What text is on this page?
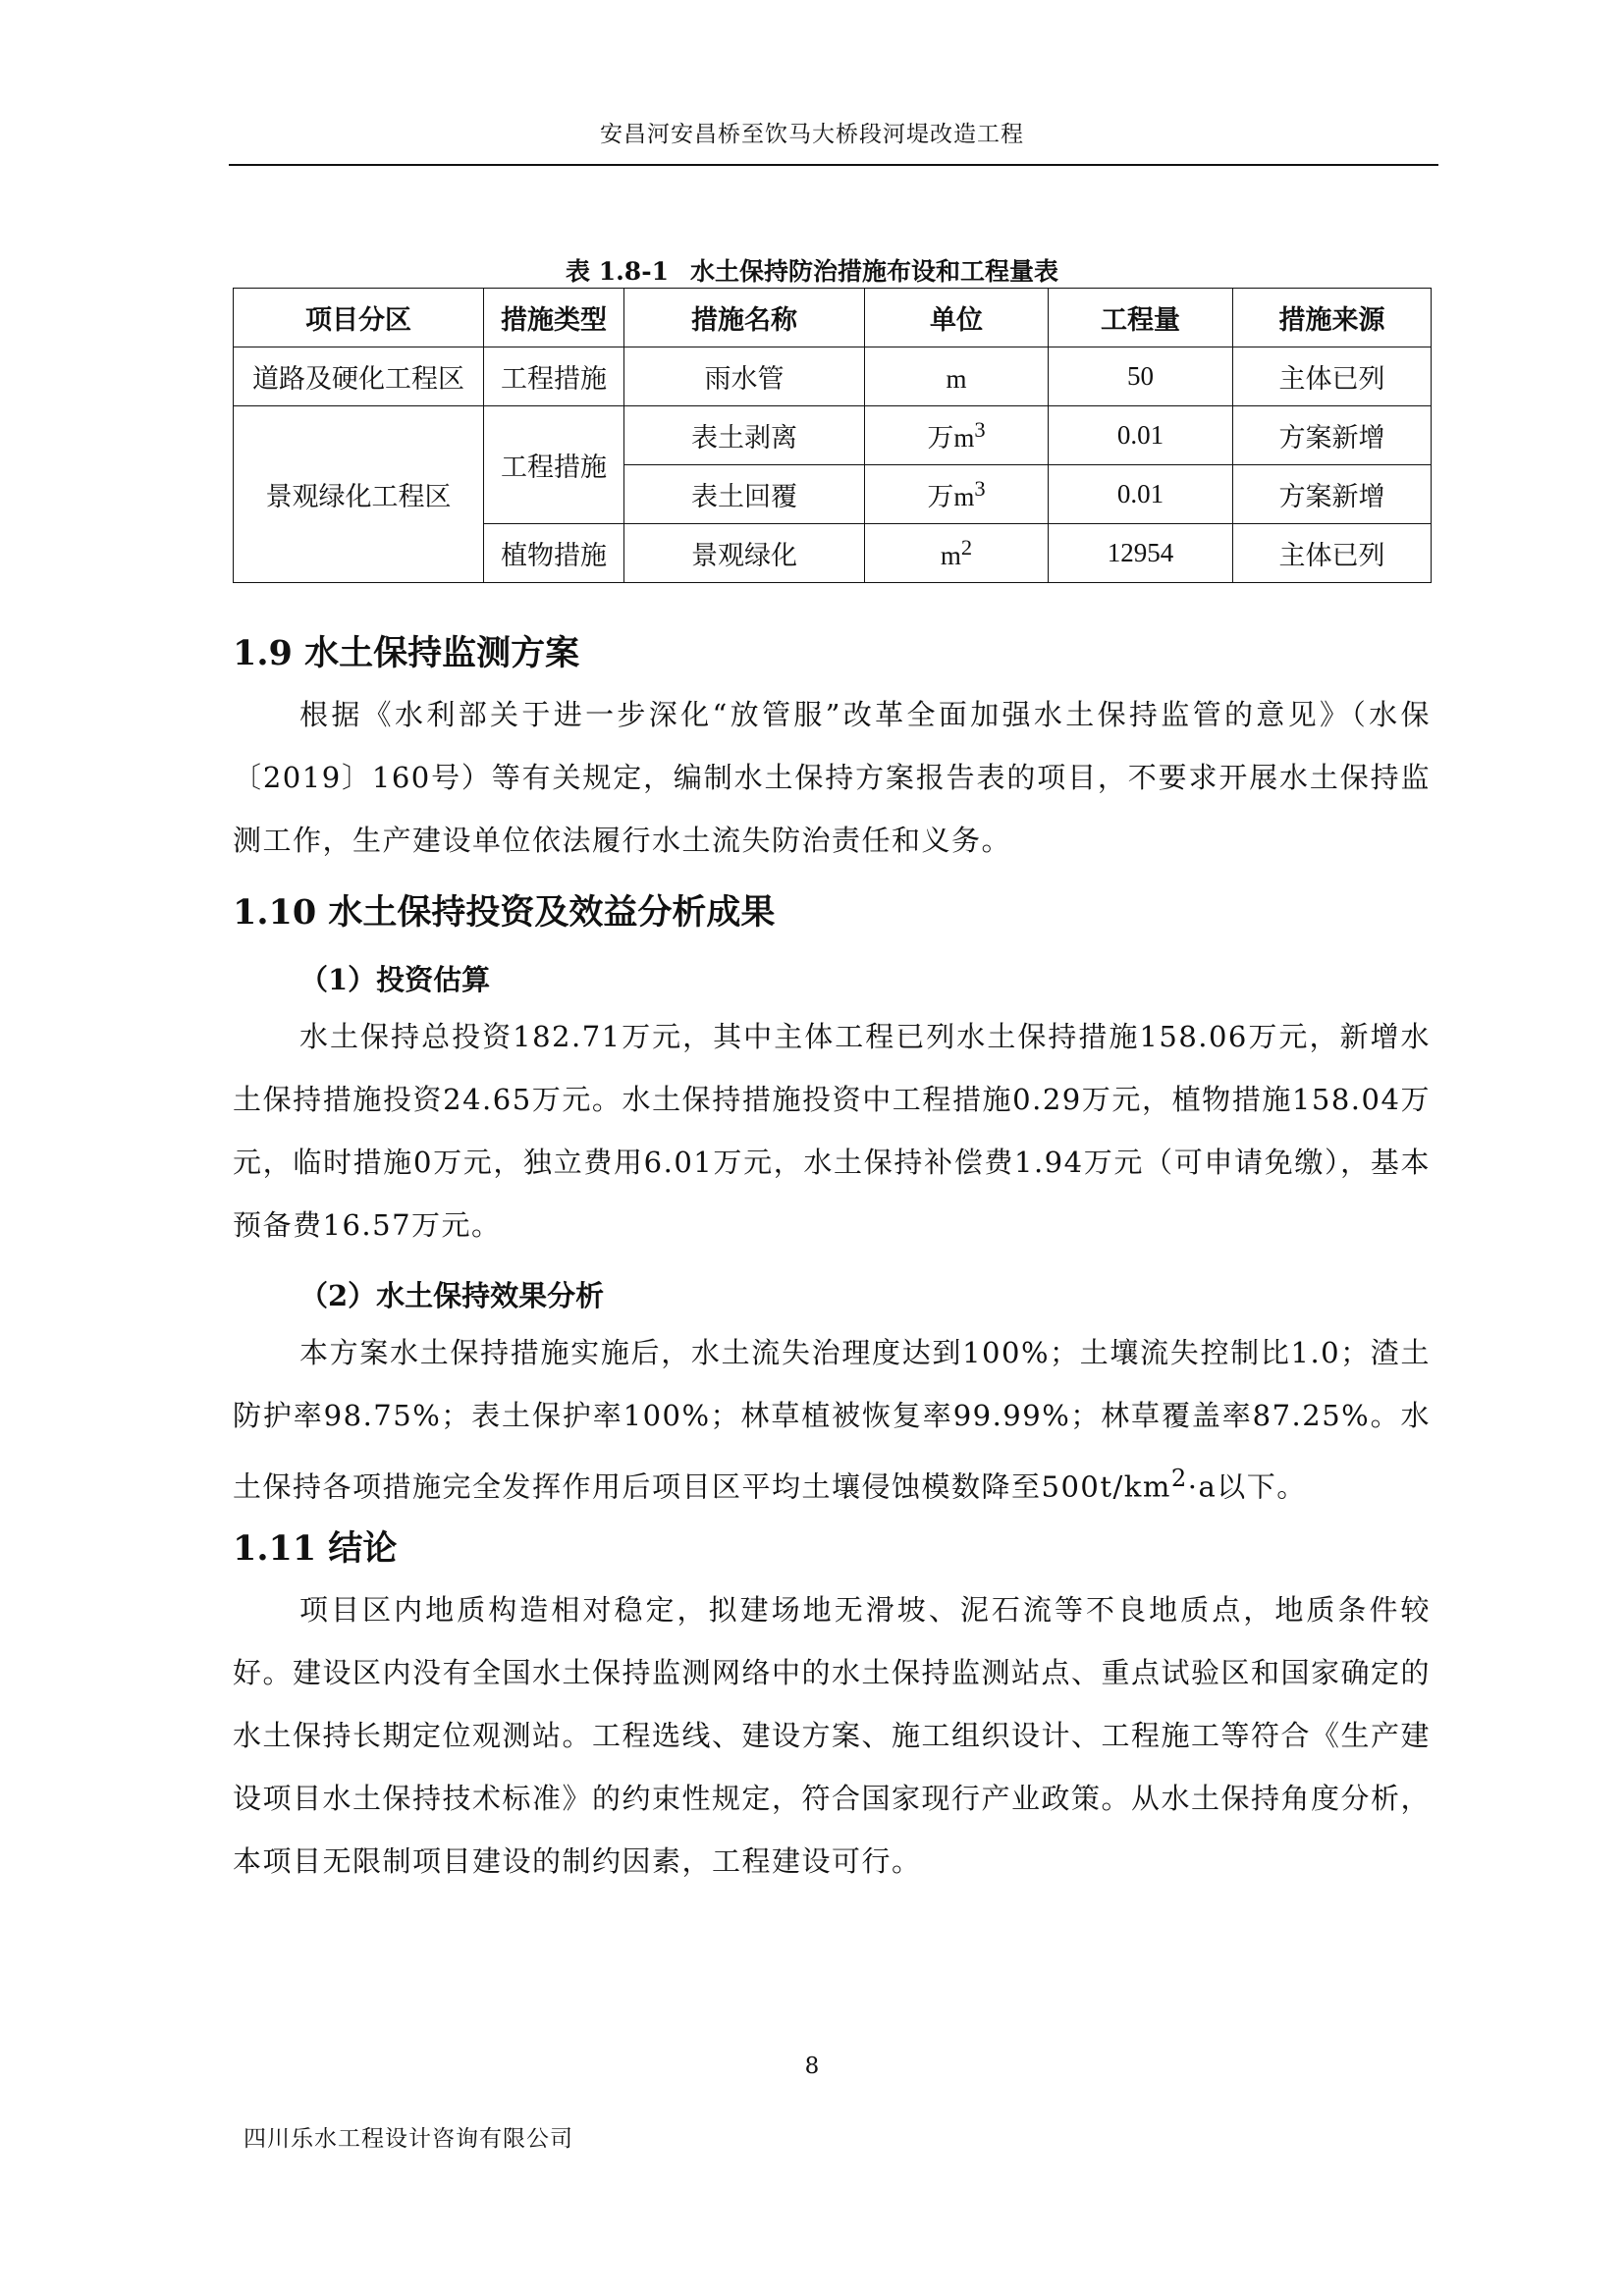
安昌河安昌桥至饮马大桥段河堤改造工程
表 1.8-1 水土保持防治措施布设和工程量表
项目分区	措施类型	措施名称	单位	工程量	措施来源
道路及硬化工程区	工程措施	雨水管	m	50	主体已列
景观绿化工程区	工程措施	表土剥离	万$m^3$	0.01	方案新增
		表土回覆	万$m^3$	0.01	方案新增
	植物措施	景观绿化	$m^2$	12954	主体已列
1.9 水土保持监测方案
根据《水利部关于进一步深化“放管服”改革全面加强水土保持监管的意见》（水保〔2019〕160号）等有关规定，编制水土保持方案报告表的项目，不要求开展水土保持监测工作，生产建设单位依法履行水土流失防治责任和义务。
1.10 水土保持投资及效益分析成果
（1）投资估算
水土保持总投资182.71万元，其中主体工程已列水土保持措施158.06万元，新增水土保持措施投资24.65万元。水土保持措施投资中工程措施0.29万元，植物措施158.04万元，临时措施0万元，独立费用6.01万元，水土保持补偿费1.94万元（可申请免缴），基本预备费16.57万元。
（2）水土保持效果分析
本方案水土保持措施实施后，水土流失治理度达到100%；土壤流失控制比1.0；渣土防护率98.75%；表土保护率100%；林草植被恢复率99.99%；林草覆盖率87.25%。水土保持各项措施完全发挥作用后项目区平均土壤侵蚀模数降至$500t/km^2\cdot a$以下。
1.11 结论
项目区内地质构造相对稳定，拟建场地无滑坡、泥石流等不良地质点，地质条件较好。建设区内没有全国水土保持监测网络中的水土保持监测站点、重点试验区和国家确定的水土保持长期定位观测站。工程选线、建设方案、施工组织设计、工程施工等符合《生产建设项目水土保持技术标准》的约束性规定，符合国家现行产业政策。从水土保持角度分析，本项目无限制项目建设的制约因素，工程建设可行。
8
四川乐水工程设计咨询有限公司
